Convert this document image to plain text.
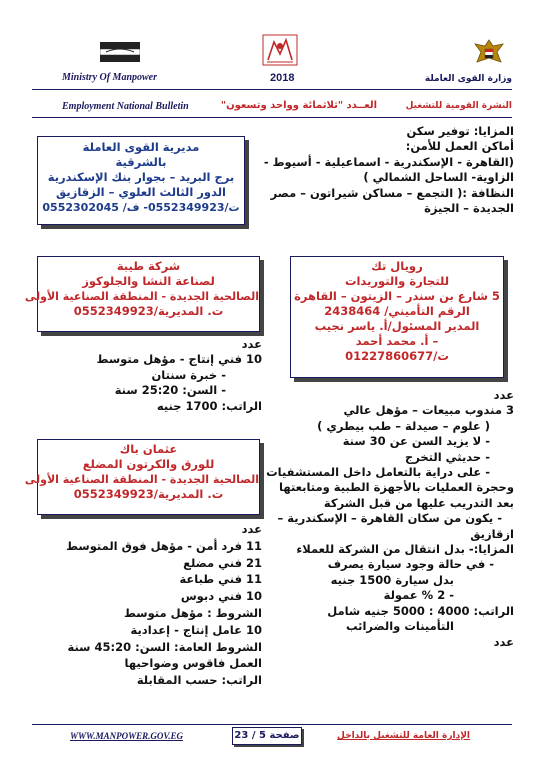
Ministry Of Manpower
Employment National Bulletin
2018
العــدد "ثلاثمائة وواحد وتسعون"
وزارة القوى العاملة
النشرة القومية للتشغيل
المزايا: توفير سكن
أماكن العمل للأمن:
(القاهرة - الإسكندرية - اسماعيلية - أسيوط -
الزاوية- الساحل الشمالي )
النظافة :( التجمع – مساكن شيراتون – مصر
الجديدة – الجيزة
مديرية القوى العاملة
بالشرقية
برج البريد – بجوار بنك الإسكندرية
الدور الثالث العلوي – الزقازيق
ت/0552349923- ف/ 0552302045
رويال تك
للتجارة والتوريدات
5 شارع بن سندر – الزيتون – القاهرة
الرقم التأميني/ 2438464
المدير المسئول/أ. ياسر نجيب
– أ. محمد أحمد
ت/01227860677
شركة طيبة
لصناعة النشا والجلوكوز
الصالحية الجديدة - المنطقة الصناعية الأولى
ت. المديرية/0552349923
عدد
10 فني إنتاج - مؤهل متوسط
- خبرة سنتان
- السن: 25:20 سنة
الراتب: 1700 جنيه
عدد
3 مندوب مبيعات – مؤهل عالي
( علوم – صيدلة – طب بيطري )
- لا يزيد السن عن 30 سنة
- حديثي التخرج
- على دراية بالتعامل داخل المستشفيات
وحجرة العمليات بالأجهزة الطبية ومتابعتها
بعد التدريب عليها من قبل الشركة
- يكون من سكان القاهرة – الإسكندرية –
ازقازيق
المزايا:- بدل انتقال من الشركة للعملاء
- في حالة وجود سيارة يصرف
بدل سيارة 1500 جنيه
- 2 % عمولة
الراتب: 4000 : 5000 جنيه شامل
التأمينات والضرائب
عدد
عثمان باك
للورق والكرتون المضلع
الصالحية الجديدة - المنطقة الصناعية الأولى
ت. المديرية/0552349923
عدد
11 فرد أمن - مؤهل فوق المتوسط
21 فني مضلع
11 فني طباعة
10 فني دبوس
الشروط : مؤهل متوسط
10 عامل إنتاج - إعدادية
الشروط العامة: السن: 45:20 سنة
العمل فاقوس وضواحيها
الراتب: حسب المقابلة
WWW.MANPOWER.GOV.EG	صفحة 5 / 23	الإدارة العامة للتشغيل بالداخل
